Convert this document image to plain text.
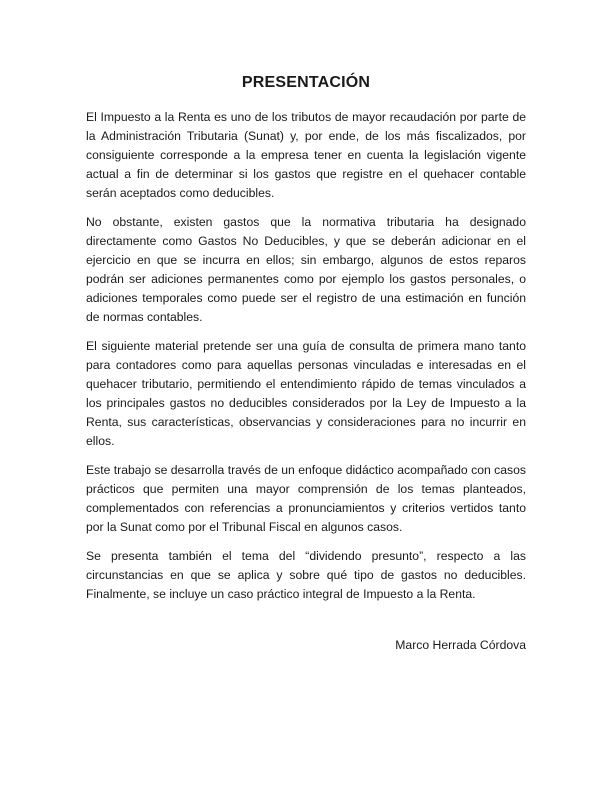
PRESENTACIÓN

El Impuesto a la Renta es uno de los tributos de mayor recaudación por parte de la Administración Tributaria (Sunat) y, por ende, de los más fiscalizados, por consiguiente corresponde a la empresa tener en cuenta la legislación vigente actual a fin de determinar si los gastos que registre en el quehacer contable serán aceptados como deducibles.

No obstante, existen gastos que la normativa tributaria ha designado directamente como Gastos No Deducibles, y que se deberán adicionar en el ejercicio en que se incurra en ellos; sin embargo, algunos de estos reparos podrán ser adiciones permanentes como por ejemplo los gastos personales, o adiciones temporales como puede ser el registro de una estimación en función de normas contables.

El siguiente material pretende ser una guía de consulta de primera mano tanto para contadores como para aquellas personas vinculadas e interesadas en el quehacer tributario, permitiendo el entendimiento rápido de temas vinculados a los principales gastos no deducibles considerados por la Ley de Impuesto a la Renta, sus características, observancias y consideraciones para no incurrir en ellos.

Este trabajo se desarrolla través de un enfoque didáctico acompañado con casos prácticos que permiten una mayor comprensión de los temas planteados, complementados con referencias a pronunciamientos y criterios vertidos tanto por la Sunat como por el Tribunal Fiscal en algunos casos.

Se presenta también el tema del “dividendo presunto”, respecto a las circunstancias en que se aplica y sobre qué tipo de gastos no deducibles. Finalmente, se incluye un caso práctico integral de Impuesto a la Renta.

Marco Herrada Córdova
